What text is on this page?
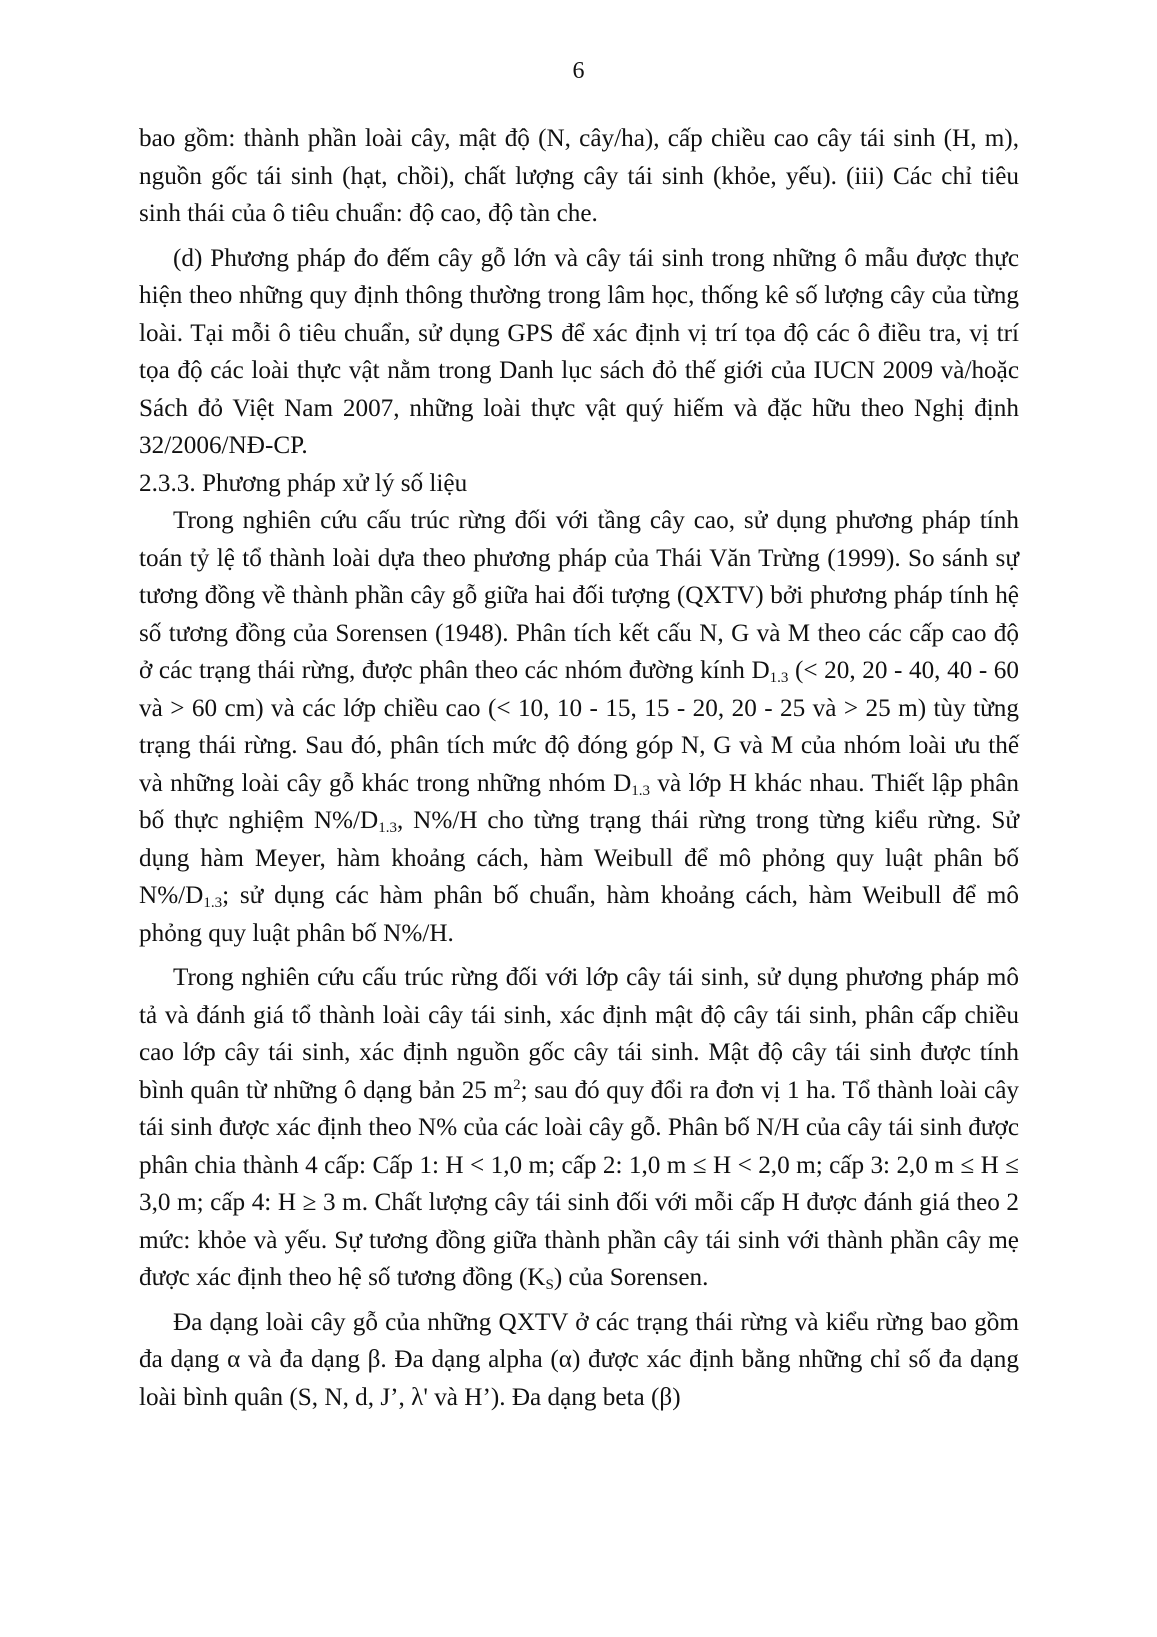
6

bao gồm: thành phần loài cây, mật độ (N, cây/ha), cấp chiều cao cây tái sinh (H, m), nguồn gốc tái sinh (hạt, chồi), chất lượng cây tái sinh (khỏe, yếu). (iii) Các chỉ tiêu sinh thái của ô tiêu chuẩn: độ cao, độ tàn che.

(d) Phương pháp đo đếm cây gỗ lớn và cây tái sinh trong những ô mẫu được thực hiện theo những quy định thông thường trong lâm học, thống kê số lượng cây của từng loài. Tại mỗi ô tiêu chuẩn, sử dụng GPS để xác định vị trí tọa độ các ô điều tra, vị trí tọa độ các loài thực vật nằm trong Danh lục sách đỏ thế giới của IUCN 2009 và/hoặc Sách đỏ Việt Nam 2007, những loài thực vật quý hiếm và đặc hữu theo Nghị định 32/2006/NĐ-CP.

2.3.3. Phương pháp xử lý số liệu

Trong nghiên cứu cấu trúc rừng đối với tầng cây cao, sử dụng phương pháp tính toán tỷ lệ tổ thành loài dựa theo phương pháp của Thái Văn Trừng (1999). So sánh sự tương đồng về thành phần cây gỗ giữa hai đối tượng (QXTV) bởi phương pháp tính hệ số tương đồng của Sorensen (1948). Phân tích kết cấu N, G và M theo các cấp cao độ ở các trạng thái rừng, được phân theo các nhóm đường kính $D_{1.3}$ (< 20, 20 - 40, 40 - 60 và > 60 cm) và các lớp chiều cao (< 10, 10 - 15, 15 - 20, 20 - 25 và > 25 m) tùy từng trạng thái rừng. Sau đó, phân tích mức độ đóng góp N, G và M của nhóm loài ưu thế và những loài cây gỗ khác trong những nhóm $D_{1.3}$ và lớp H khác nhau. Thiết lập phân bố thực nghiệm $N\%/D_{1.3}$, N%/H cho từng trạng thái rừng trong từng kiểu rừng. Sử dụng hàm Meyer, hàm khoảng cách, hàm Weibull để mô phỏng quy luật phân bố $N\%/D_{1.3}$; sử dụng các hàm phân bố chuẩn, hàm khoảng cách, hàm Weibull để mô phỏng quy luật phân bố N%/H.

Trong nghiên cứu cấu trúc rừng đối với lớp cây tái sinh, sử dụng phương pháp mô tả và đánh giá tổ thành loài cây tái sinh, xác định mật độ cây tái sinh, phân cấp chiều cao lớp cây tái sinh, xác định nguồn gốc cây tái sinh. Mật độ cây tái sinh được tính bình quân từ những ô dạng bản 25 $m^2$; sau đó quy đổi ra đơn vị 1 ha. Tổ thành loài cây tái sinh được xác định theo N% của các loài cây gỗ. Phân bố N/H của cây tái sinh được phân chia thành 4 cấp: Cấp 1: H < 1,0 m; cấp 2: 1,0 m ≤ H < 2,0 m; cấp 3: 2,0 m ≤ H ≤ 3,0 m; cấp 4: H ≥ 3 m. Chất lượng cây tái sinh đối với mỗi cấp H được đánh giá theo 2 mức: khỏe và yếu. Sự tương đồng giữa thành phần cây tái sinh với thành phần cây mẹ được xác định theo hệ số tương đồng $(K_S)$ của Sorensen.

Đa dạng loài cây gỗ của những QXTV ở các trạng thái rừng và kiểu rừng bao gồm đa dạng α và đa dạng β. Đa dạng alpha (α) được xác định bằng những chỉ số đa dạng loài bình quân (S, N, d, J’, λ' và H’). Đa dạng beta (β)
